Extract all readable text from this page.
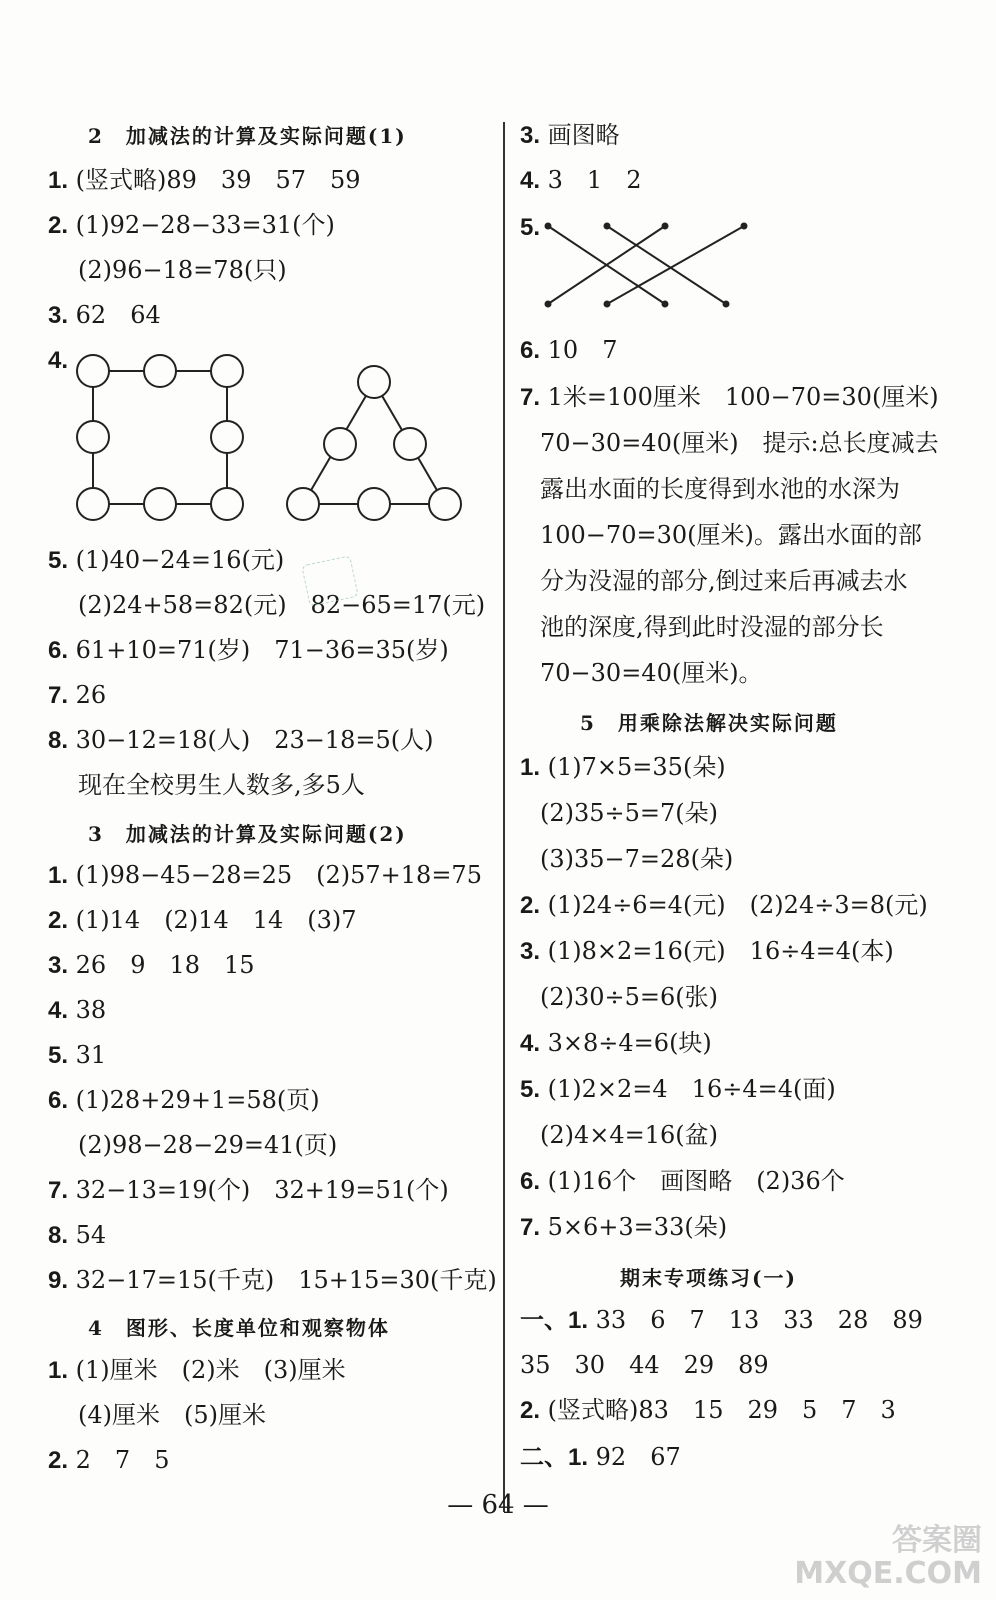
2　加减法的计算及实际问题(1)
1. (竖式略)89　39　57　59
2. (1)92−28−33=31(个)
(2)96−18=78(只)
3. 62　64
4.
5. (1)40−24=16(元)
(2)24+58=82(元)　82−65=17(元)
6. 61+10=71(岁)　71−36=35(岁)
7. 26
8. 30−12=18(人)　23−18=5(人)
现在全校男生人数多,多5人
3　加减法的计算及实际问题(2)
1. (1)98−45−28=25　(2)57+18=75
2. (1)14　(2)14　14　(3)7
3. 26　9　18　15
4. 38
5. 31
6. (1)28+29+1=58(页)
(2)98−28−29=41(页)
7. 32−13=19(个)　32+19=51(个)
8. 54
9. 32−17=15(千克)　15+15=30(千克)
4　图形、长度单位和观察物体
1. (1)厘米　(2)米　(3)厘米
(4)厘米　(5)厘米
2. 2　7　5
3. 画图略
4. 3　1　2
5.
6. 10　7
7. 1米=100厘米　100−70=30(厘米)
70−30=40(厘米)　提示:总长度减去
露出水面的长度得到水池的水深为
100−70=30(厘米)。露出水面的部
分为没湿的部分,倒过来后再减去水
池的深度,得到此时没湿的部分长
70−30=40(厘米)。
5　用乘除法解决实际问题
1. (1)7×5=35(朵)
(2)35÷5=7(朵)
(3)35−7=28(朵)
2. (1)24÷6=4(元)　(2)24÷3=8(元)
3. (1)8×2=16(元)　16÷4=4(本)
(2)30÷5=6(张)
4. 3×8÷4=6(块)
5. (1)2×2=4　16÷4=4(面)
(2)4×4=16(盆)
6. (1)16个　画图略　(2)36个
7. 5×6+3=33(朵)
期末专项练习(一)
一、1. 33　6　7　13　33　28　89
35　30　44　29　89
2. (竖式略)83　15　29　5　7　3
二、1. 92　67
— 64 —
答案圈
MXQE.COM
